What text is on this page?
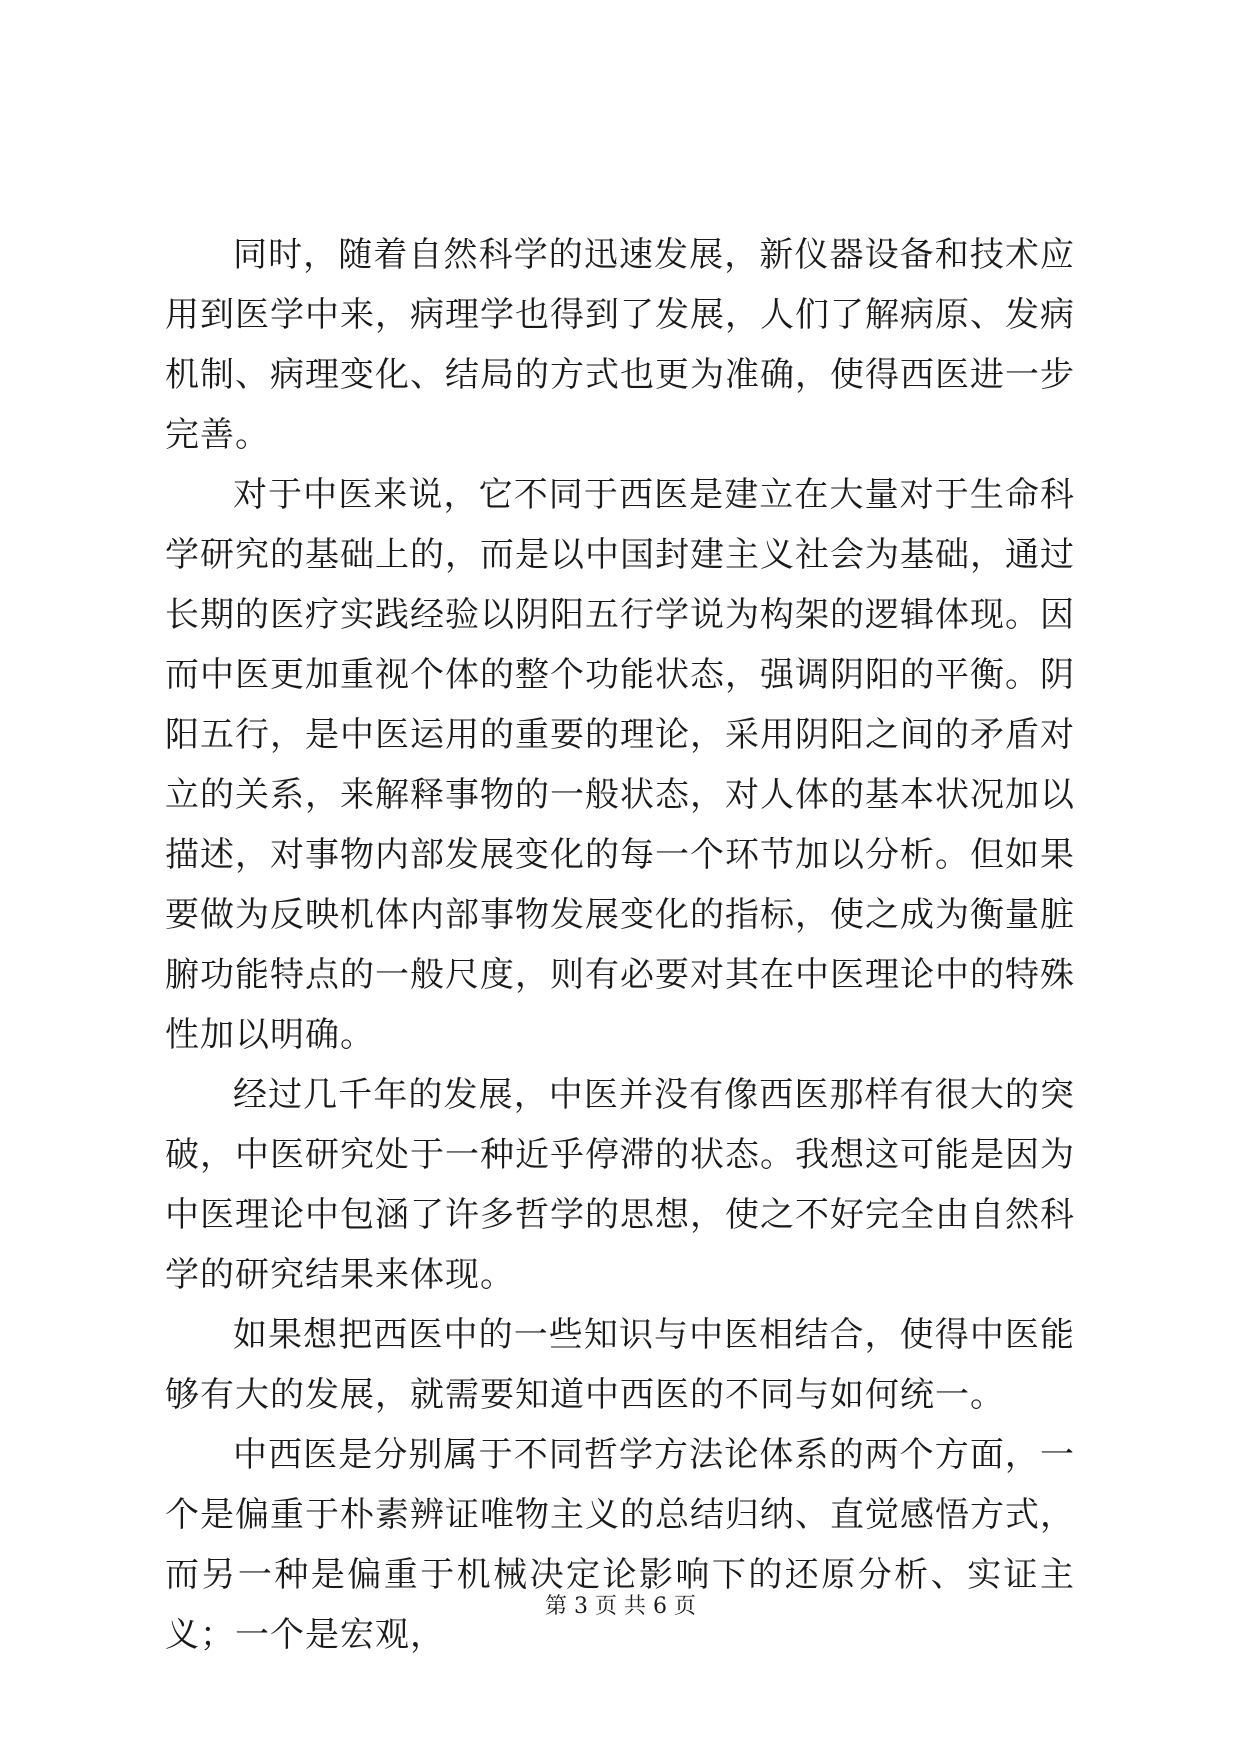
同时，随着自然科学的迅速发展，新仪器设备和技术应用到医学中来，病理学也得到了发展，人们了解病原、发病机制、病理变化、结局的方式也更为准确，使得西医进一步完善。

对于中医来说，它不同于西医是建立在大量对于生命科学研究的基础上的，而是以中国封建主义社会为基础，通过长期的医疗实践经验以阴阳五行学说为构架的逻辑体现。因而中医更加重视个体的整个功能状态，强调阴阳的平衡。阴阳五行，是中医运用的重要的理论，采用阴阳之间的矛盾对立的关系，来解释事物的一般状态，对人体的基本状况加以描述，对事物内部发展变化的每一个环节加以分析。但如果要做为反映机体内部事物发展变化的指标，使之成为衡量脏腑功能特点的一般尺度，则有必要对其在中医理论中的特殊性加以明确。

经过几千年的发展，中医并没有像西医那样有很大的突破，中医研究处于一种近乎停滞的状态。我想这可能是因为中医理论中包涵了许多哲学的思想，使之不好完全由自然科学的研究结果来体现。

如果想把西医中的一些知识与中医相结合，使得中医能够有大的发展，就需要知道中西医的不同与如何统一。

中西医是分别属于不同哲学方法论体系的两个方面，一个是偏重于朴素辨证唯物主义的总结归纳、直觉感悟方式，而另一种是偏重于机械决定论影响下的还原分析、实证主义；一个是宏观，

第 3 页 共 6 页
